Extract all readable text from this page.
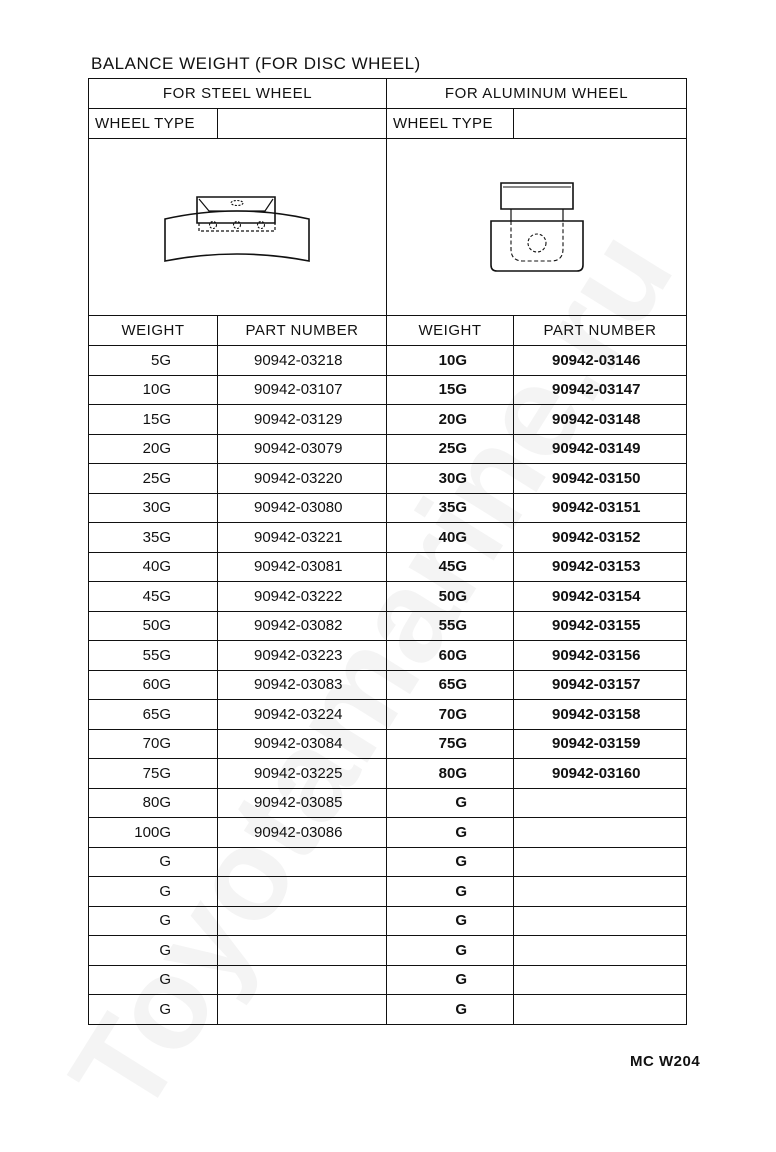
BALANCE WEIGHT (FOR DISC WHEEL)
FOR STEEL WHEEL		FOR ALUMINUM WHEEL	
WHEEL TYPE		WHEEL TYPE	

WEIGHT	PART NUMBER	WEIGHT	PART NUMBER
5G	90942-03218	10G	90942-03146
10G	90942-03107	15G	90942-03147
15G	90942-03129	20G	90942-03148
20G	90942-03079	25G	90942-03149
25G	90942-03220	30G	90942-03150
30G	90942-03080	35G	90942-03151
35G	90942-03221	40G	90942-03152
40G	90942-03081	45G	90942-03153
45G	90942-03222	50G	90942-03154
50G	90942-03082	55G	90942-03155
55G	90942-03223	60G	90942-03156
60G	90942-03083	65G	90942-03157
65G	90942-03224	70G	90942-03158
70G	90942-03084	75G	90942-03159
75G	90942-03225	80G	90942-03160
80G	90942-03085	G	
100G	90942-03086	G	
G		G	
G		G	
G		G	
G		G	
G		G	
G		G	
MC W204
